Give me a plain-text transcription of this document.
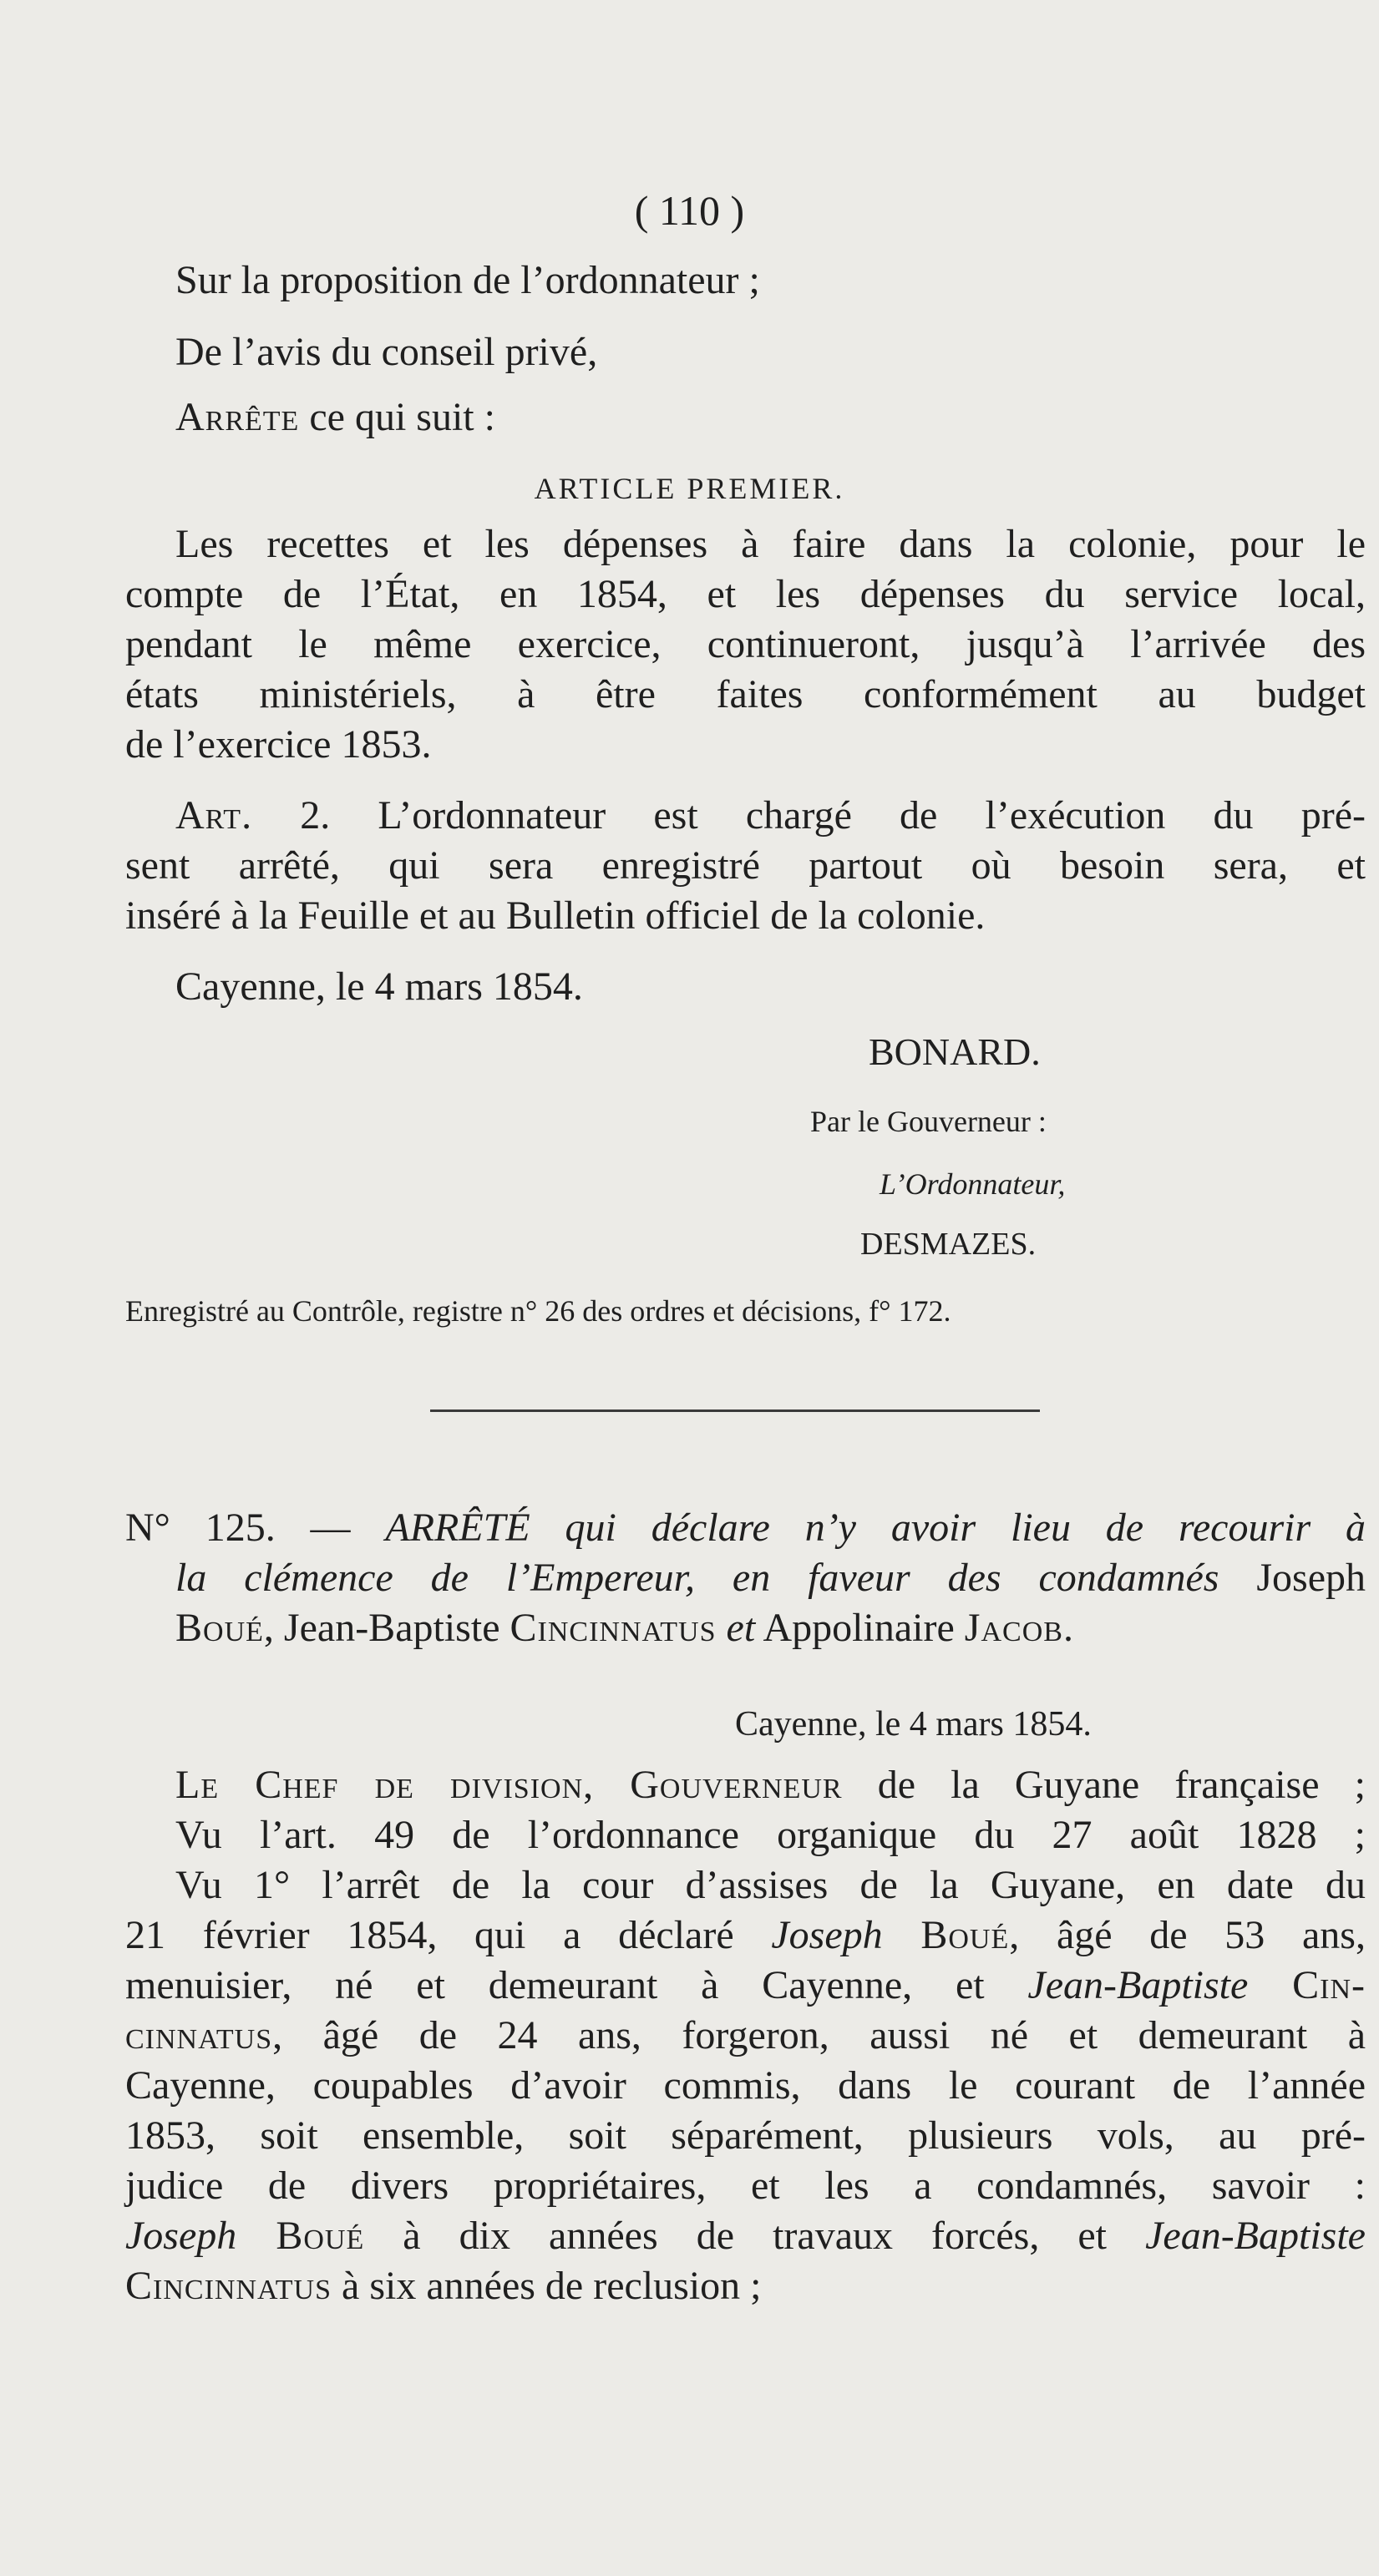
( 110 )
Sur la proposition de l’ordonnateur ;
De l’avis du conseil privé,
Arrête ce qui suit :
ARTICLE PREMIER.
Les recettes et les dépenses à faire dans la colonie, pour le
compte de l’État, en 1854, et les dépenses du service local,
pendant le même exercice, continueront, jusqu’à l’arrivée des
états ministériels, à être faites conformément au budget
de l’exercice 1853.
Art. 2. L’ordonnateur est chargé de l’exécution du pré-
sent arrêté, qui sera enregistré partout où besoin sera, et
inséré à la Feuille et au Bulletin officiel de la colonie.
Cayenne, le 4 mars 1854.
BONARD.
Par le Gouverneur :
L’Ordonnateur,
DESMAZES.
Enregistré au Contrôle, registre n° 26 des ordres et décisions, f° 172.
N° 125. — ARRÊTÉ qui déclare n’y avoir lieu de recourir à
la clémence de l’Empereur, en faveur des condamnés Joseph
Boué, Jean-Baptiste Cincinnatus et Appolinaire Jacob.
Cayenne, le 4 mars 1854.
Le Chef de division, Gouverneur de la Guyane française ;
Vu l’art. 49 de l’ordonnance organique du 27 août 1828 ;
Vu 1° l’arrêt de la cour d’assises de la Guyane, en date du
21 février 1854, qui a déclaré Joseph Boué, âgé de 53 ans,
menuisier, né et demeurant à Cayenne, et Jean-Baptiste Cin-
cinnatus, âgé de 24 ans, forgeron, aussi né et demeurant à
Cayenne, coupables d’avoir commis, dans le courant de l’année
1853, soit ensemble, soit séparément, plusieurs vols, au pré-
judice de divers propriétaires, et les a condamnés, savoir :
Joseph Boué à dix années de travaux forcés, et Jean-Baptiste
Cincinnatus à six années de reclusion ;
